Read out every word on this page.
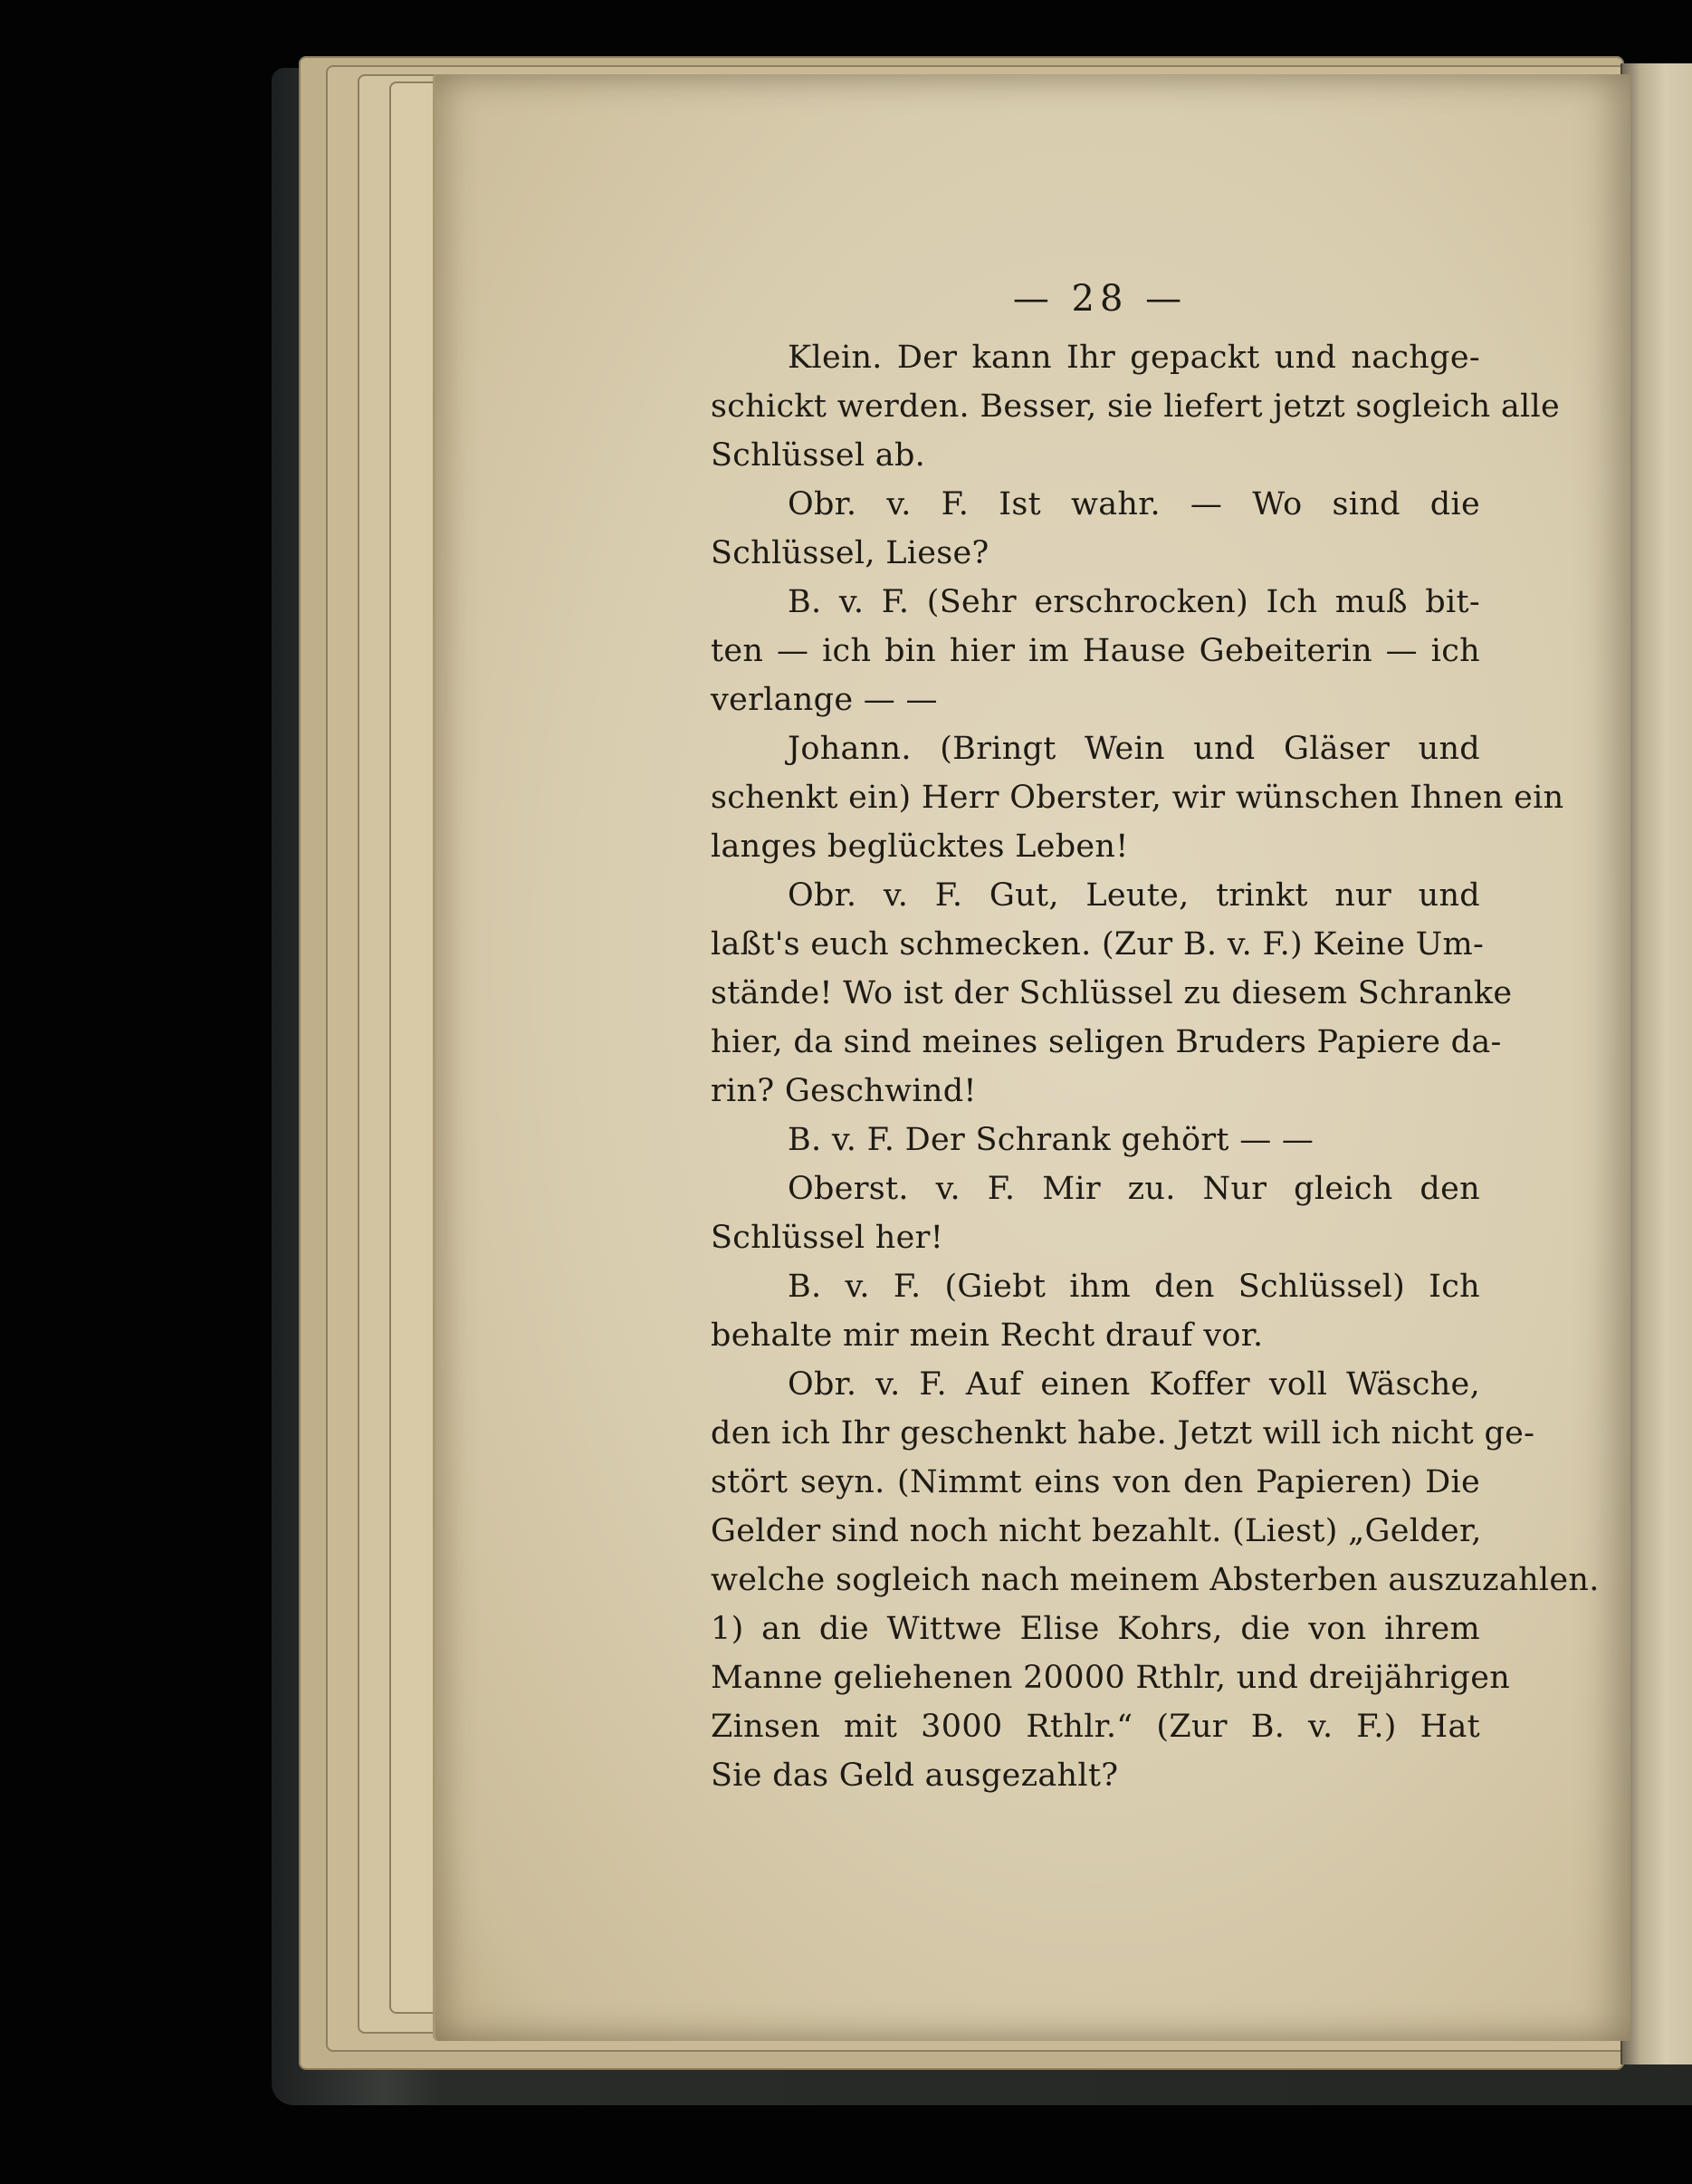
— 28 —
Klein. Der kann Ihr gepackt und nachge-
schickt werden. Besser, sie liefert jetzt sogleich alle
Schlüssel ab.
Obr. v. F. Ist wahr. — Wo sind die
Schlüssel, Liese?
B. v. F. (Sehr erschrocken) Ich muß bit-
ten — ich bin hier im Hause Gebeiterin — ich
verlange — —
Johann. (Bringt Wein und Gläser und
schenkt ein) Herr Oberster, wir wünschen Ihnen ein
langes beglücktes Leben!
Obr. v. F. Gut, Leute, trinkt nur und
laßt's euch schmecken. (Zur B. v. F.) Keine Um-
stände! Wo ist der Schlüssel zu diesem Schranke
hier, da sind meines seligen Bruders Papiere da-
rin? Geschwind!
B. v. F. Der Schrank gehört — —
Oberst. v. F. Mir zu. Nur gleich den
Schlüssel her!
B. v. F. (Giebt ihm den Schlüssel) Ich
behalte mir mein Recht drauf vor.
Obr. v. F. Auf einen Koffer voll Wäsche,
den ich Ihr geschenkt habe. Jetzt will ich nicht ge-
stört seyn. (Nimmt eins von den Papieren) Die
Gelder sind noch nicht bezahlt. (Liest) „Gelder,
welche sogleich nach meinem Absterben auszuzahlen.
1) an die Wittwe Elise Kohrs, die von ihrem
Manne geliehenen 20000 Rthlr, und dreijährigen
Zinsen mit 3000 Rthlr.“ (Zur B. v. F.) Hat
Sie das Geld ausgezahlt?
